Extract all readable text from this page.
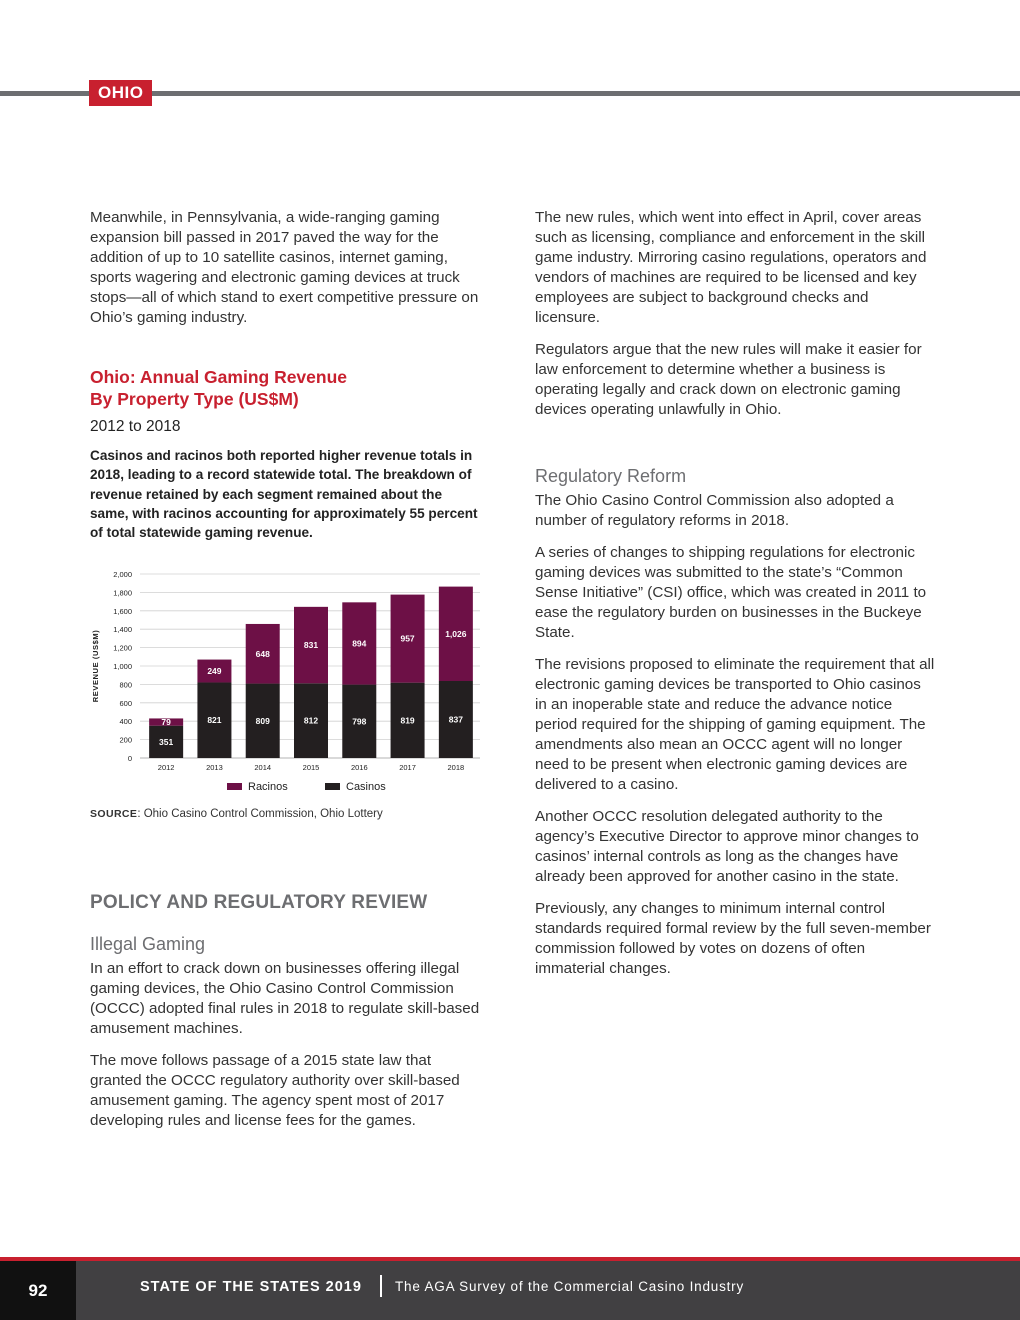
OHIO

Meanwhile, in Pennsylvania, a wide-ranging gaming expansion bill passed in 2017 paved the way for the addition of up to 10 satellite casinos, internet gaming, sports wagering and electronic gaming devices at truck stops—all of which stand to exert competitive pressure on Ohio’s gaming industry.

Ohio: Annual Gaming Revenue
By Property Type (US$M)
2012 to 2018
Casinos and racinos both reported higher revenue totals in 2018, leading to a record statewide total. The breakdown of revenue retained by each segment remained about the same, with racinos accounting for approximately 55 percent of total statewide gaming revenue.
0
200
400
600
800
1,000
1,200
1,400
1,600
1,800
2,000
REVENUE (US$M)
351
79
2012
821
249
2013
809
648
2014
812
831
2015
798
894
2016
819
957
2017
837
1,026
2018
Racinos	Casinos
SOURCE: Ohio Casino Control Commission, Ohio Lottery
POLICY AND REGULATORY REVIEW
Illegal Gaming

In an effort to crack down on businesses offering illegal gaming devices, the Ohio Casino Control Commission (OCCC) adopted final rules in 2018 to regulate skill-based amusement machines.

The move follows passage of a 2015 state law that granted the OCCC regulatory authority over skill-based amusement gaming. The agency spent most of 2017 developing rules and license fees for the games.

The new rules, which went into effect in April, cover areas such as licensing, compliance and enforcement in the skill game industry. Mirroring casino regulations, operators and vendors of machines are required to be licensed and key employees are subject to background checks and licensure.

Regulators argue that the new rules will make it easier for law enforcement to determine whether a business is operating legally and crack down on electronic gaming devices operating unlawfully in Ohio.

Regulatory Reform

The Ohio Casino Control Commission also adopted a number of regulatory reforms in 2018.

A series of changes to shipping regulations for electronic gaming devices was submitted to the state’s “Common Sense Initiative” (CSI) office, which was created in 2011 to ease the regulatory burden on businesses in the Buckeye State.

The revisions proposed to eliminate the requirement that all electronic gaming devices be transported to Ohio casinos in an inoperable state and reduce the advance notice period required for the shipping of gaming equipment. The amendments also mean an OCCC agent will no longer need to be present when electronic gaming devices are delivered to a casino.

Another OCCC resolution delegated authority to the agency’s Executive Director to approve minor changes to casinos’ internal controls as long as the changes have already been approved for another casino in the state.

Previously, any changes to minimum internal control standards required formal review by the full seven-member commission followed by votes on dozens of often immaterial changes.

92	STATE OF THE STATES 2019 The AGA Survey of the Commercial Casino Industry
